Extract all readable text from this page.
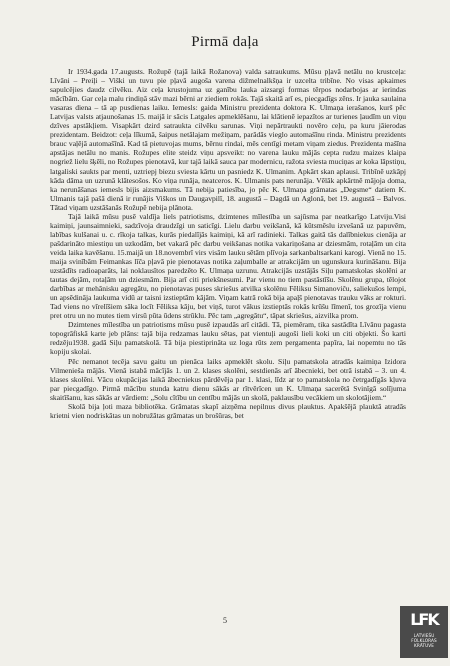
Pirmā daļa

Ir 1934.gada 17.augusts. Rožupē (tajā laikā Rožanova) valda satraukums. Mūsu pļavā netālu no krustceļa: Līvāni – Preiļi – Viški un tuvu pie pļavā augoša varena dižmelnalkšņa ir uzcelta tribīne. No visas apkaimes sapulcējies daudz cilvēku. Aiz ceļa krustojuma uz ganību lauka aizsargi formas tērpos nodarbojas ar ierindas mācībām. Gar ceļa malu rindiņā stāv mazi bērni ar ziediem rokās. Tajā skaitā arī es, piecgadīgs zēns. Ir jauka saulaina vasaras diena – tā ap pusdienas laiku. Iemesls: gaida Ministru prezidenta doktora K. Ulmaņa ierašanos, kurš pēc Latvijas valsts atjaunošanas 15. maijā ir sācis Latgales apmeklēšanu, lai klātienē iepazītos ar turienes ļaudīm un viņu dzīves apstākļiem. Visapkārt dzird satraukta cilvēku sarunas. Viņi nepārtraukti novēro ceļu, pa kuru jāierodas prezidentam. Beidzot: ceļa līkumā, šaipus netālajam mežiņam, parādās vieglo automašīnu rinda. Ministru prezidents brauc vaļējā automašīnā. Kad tā pietuvojas mums, bērnu rindai, mēs centīgi metam viņam ziedus. Prezidenta mašīna apstājas netālu no manis. Rožupes elite steidz viņu apsveikt: no varena lauku mājās cepta rudzu maizes klaipa nogriež lielu šķēli, no Rožupes pienotavā, kur tajā laikā sauca par modernicu, ražota sviesta muciņas ar koka lāpstiņu, latgaliski saukts par menti, uztriepj biezu sviesta kārtu un pasniedz K. Ulmanim. Apkārt skan aplausi. Tribīnē uzkāpj kāda dāma un uzrunā klātesošos. Ko viņa runāja, neatceros. K. Ulmanis pats nerunāja. Vēlāk apkārtnē mājoja doma, ka nerunāšanas iemesls bijis aizsmakums. Tā nebija patiesība, jo pēc K. Ulmaņa grāmatas „Degsme“ datiem K. Ulmanis tajā pašā dienā ir runājis Viškos un Daugavpilī, 18. augustā – Dagdā un Aglonā, bet 19. augustā – Balvos. Tātad viņam uzstāšanās Rožupē nebija plānota.

Tajā laikā mūsu pusē valdīja liels patriotisms, dzimtenes mīlestība un sajūsma par neatkarīgo Latviju.Visi kaimiņi, jaunsaimnieki, sadzīvoja draudzīgi un saticīgi. Lielu darbu veikšanā, kā kūtsmēslu izvešanā uz papuvēm, labības kulšanai u. c. rīkoja talkas, kurās piedalījās kaimiņi, kā arī radinieki. Talkas gaitā tās dalībniekus cienāja ar pašdarināto miestiņu un uzkodām, bet vakarā pēc darbu veikšanas notika vakariņošana ar dziesmām, rotaļām un cita veida laika kavēšanu. 15.maijā un 18.novembrī virs visām lauku sētām plīvoja sarkanbaltsarkani karogi. Vienā no 15. maija svinībām Feimankas līča pļavā pie pienotavas notika zaļumballe ar atrakcijām un ugunskura kurināšanu. Bija uzstādīts radioaparāts, lai noklausītos paredzēto K. Ulmaņa uzrunu. Atrakcijās uzstājās Siļu pamatskolas skolēni ar tautas dejām, rotaļām un dziesmām. Bija arī citi priekšnesumi. Par vienu no tiem pastāstīšu. Skolēnu grupa, tēlojot darbības ar mehānisku agregātu, no pienotavas puses skriešus atvilka skolēnu Fēliksu Simanoviču, saliekušos lempi, un apsēdināja laukuma vidū ar taisni izstieptām kājām. Viņam katrā rokā bija apaļš pienotavas trauku vāks ar rokturi. Tad viens no vīrelīšiem sāka locīt Fēliksa kāju, bet viņš, turot vākus izstieptās rokās krūšu līmenī, tos grozīja vienu pret otru un no mutes tiem virsū pūta ūdens strūklu. Pēc tam „agregātu“, tāpat skriešus, aizvilka prom.

Dzimtenes mīlestība un patriotisms mūsu pusē izpaudās arī citādi. Tā, piemēram, tika sastādīta Līvānu pagasta topogrāfiskā karte jeb plāns: tajā bija redzamas lauku sētas, pat vientuļi augoši lieli koki un citi objekti. Šo karti redzēju1938. gadā Siļu pamatskolā. Tā bija piestiprināta uz loga rūts zem pergamenta papīra, lai nopemtu no tās kopiju skolai.

Pēc nemanot tecēja savu gaitu un pienāca laiks apmeklēt skolu. Siļu pamatskola atradās kaimiņa Izidora Vilmenieša mājās. Vienā istabā mācījās 1. un 2. klases skolēni, sestdienās arī ābecnieki, bet otrā istabā – 3. un 4. klases skolēni. Vācu okupācijas laikā ābecniekus pārdēvēja par 1. klasi, līdz ar to pamatskola no četrgadīgās kļuva par piecgadīgo. Pirmā mācību stunda katru dienu sākās ar rītvērīcen un K. Ulmaņa sacerētā Svinīgā solījuma skaitīšanu, kas sākās ar vārdiem: „Solu cītību un centību mājās un skolā, paklausību vecākiem un skolotājiem.“

Skolā bija ļoti maza bibliotēka. Grāmatas skapī aizņēma nepilnus divus plauktus. Apakšējā plauktā atradās krietni vien nodriskātas un nobružātas grāmatas un brošūras, bet

5	LFK
LATVIEŠU
FOLKLORAS
KRĀTUVE
